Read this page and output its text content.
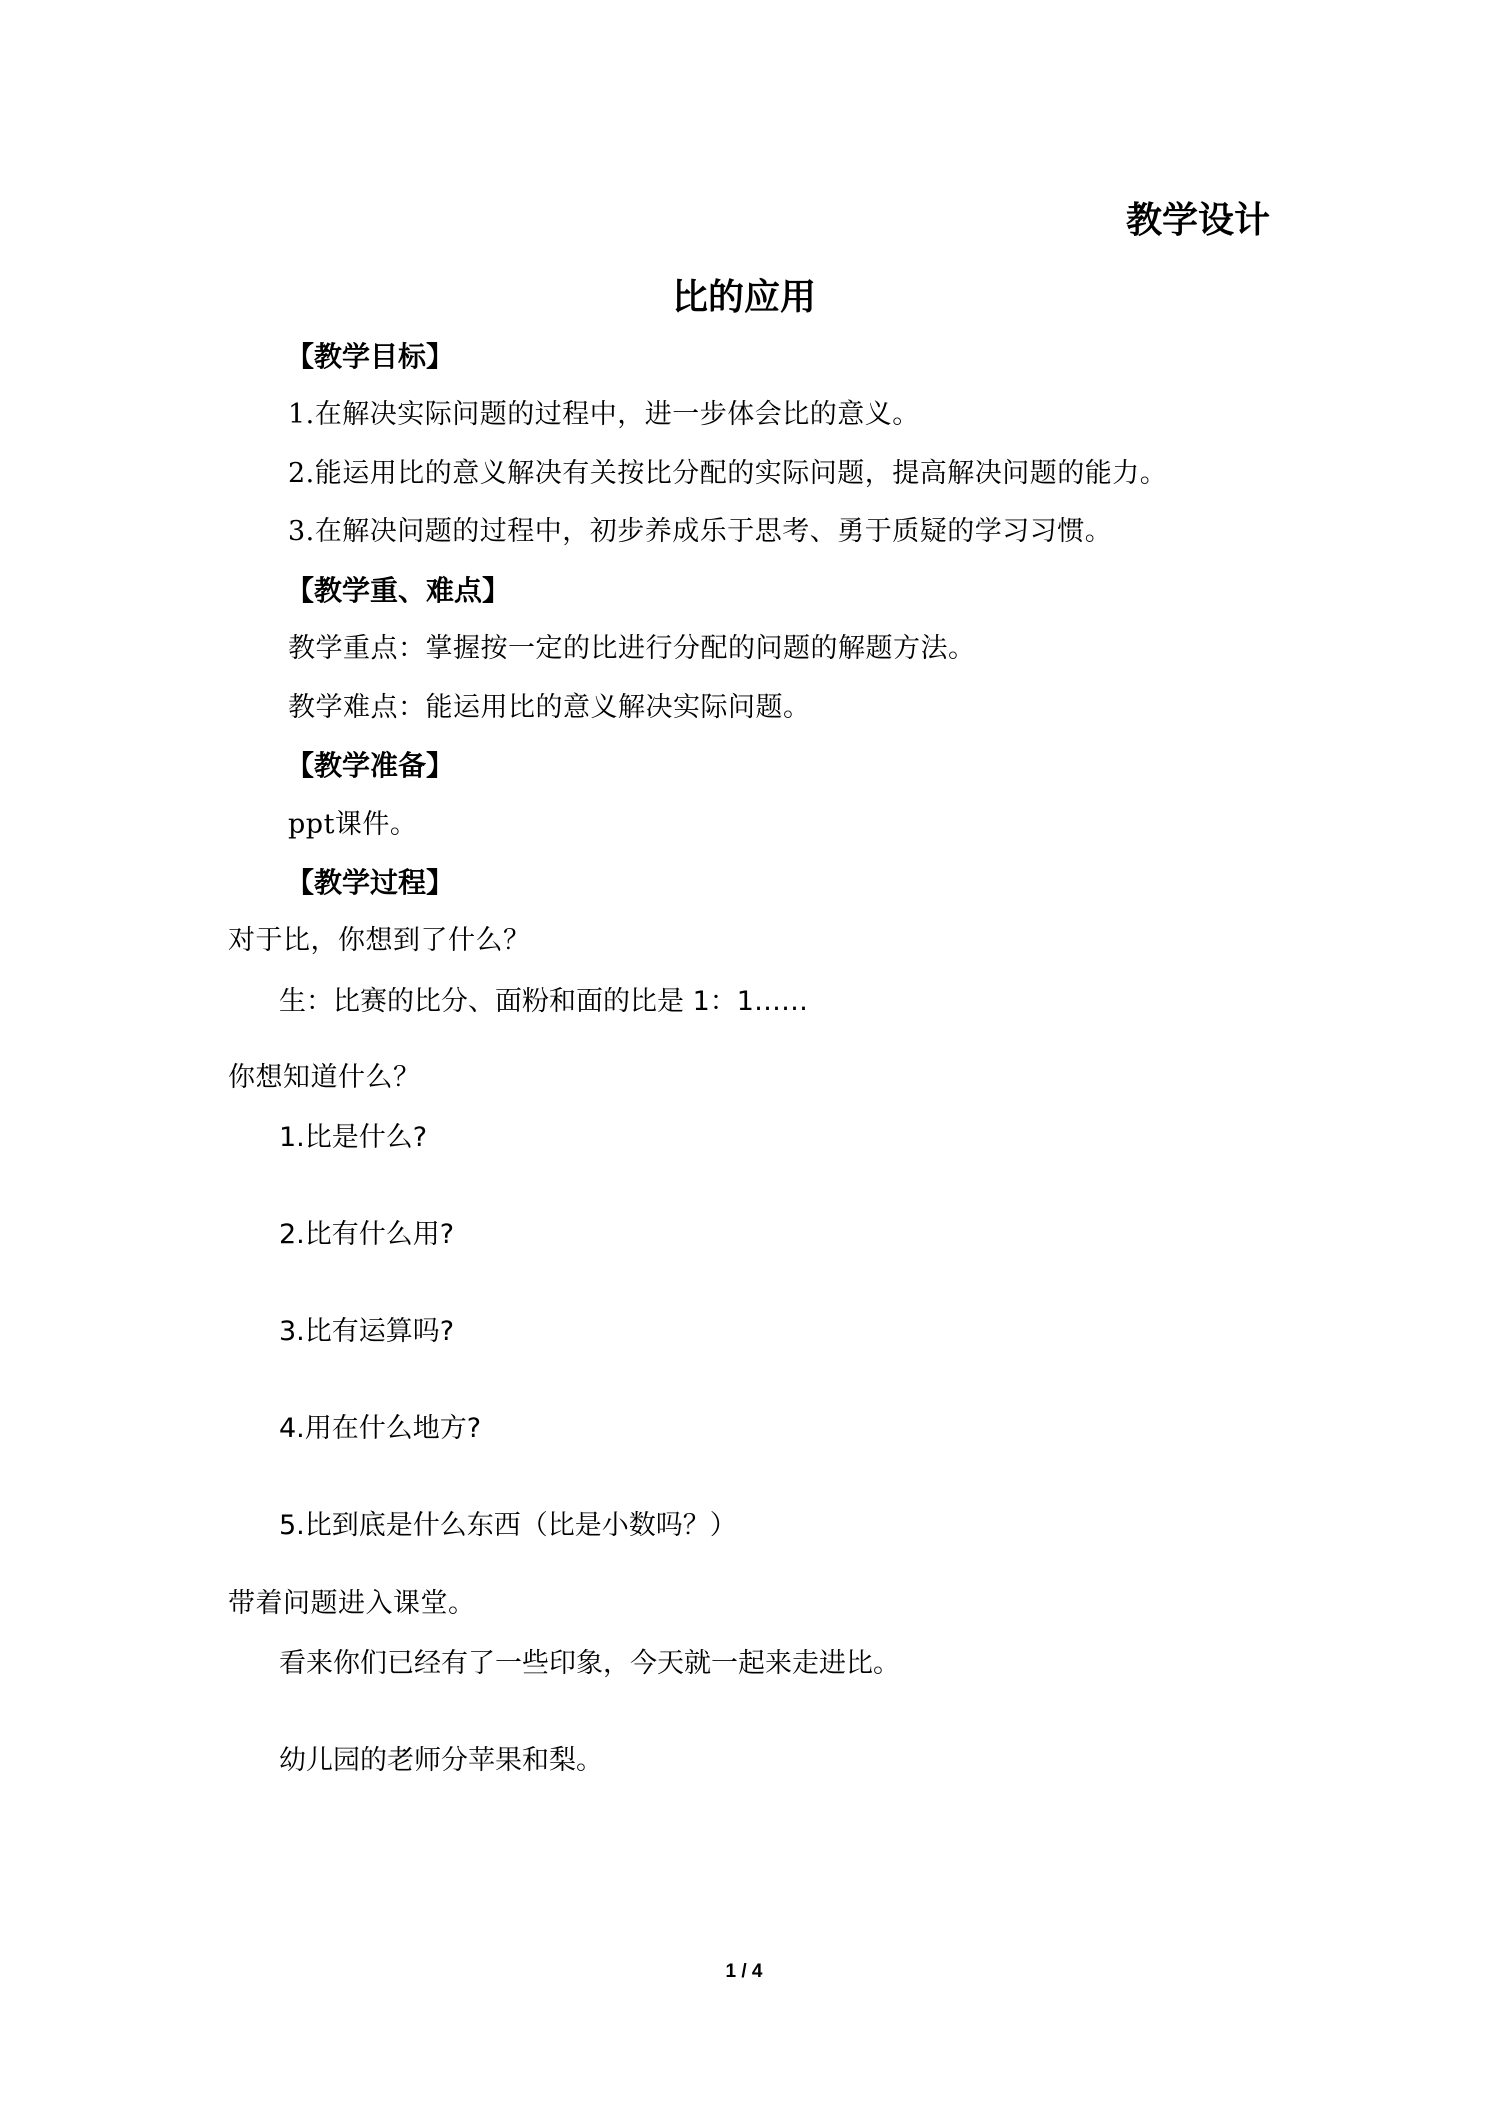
教学设计
比的应用
【教学目标】
1.在解决实际问题的过程中，进一步体会比的意义。
2.能运用比的意义解决有关按比分配的实际问题，提高解决问题的能力。
3.在解决问题的过程中，初步养成乐于思考、勇于质疑的学习习惯。
【教学重、难点】
教学重点：掌握按一定的比进行分配的问题的解题方法。
教学难点：能运用比的意义解决实际问题。
【教学准备】
ppt课件。
【教学过程】
对于比，你想到了什么？
生：比赛的比分、面粉和面的比是 1：1……
你想知道什么？
1.比是什么?
2.比有什么用?
3.比有运算吗?
4.用在什么地方?
5.比到底是什么东西（比是小数吗？）
带着问题进入课堂。
看来你们已经有了一些印象，今天就一起来走进比。
幼儿园的老师分苹果和梨。
1 / 4
